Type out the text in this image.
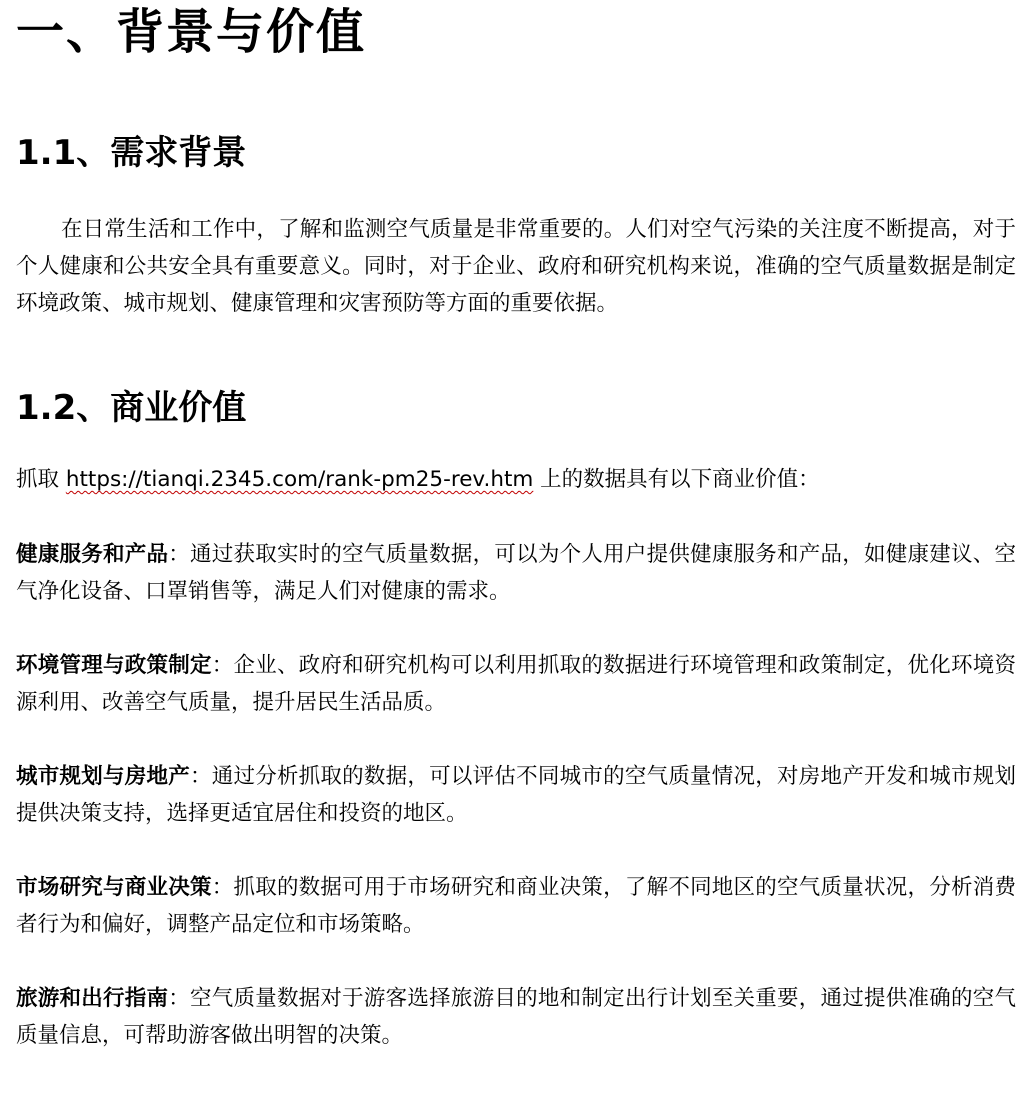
一、背景与价值
1.1、需求背景

在日常生活和工作中，了解和监测空气质量是非常重要的。人们对空气污染的关注度不断提高，对于个人健康和公共安全具有重要意义。同时，对于企业、政府和研究机构来说，准确的空气质量数据是制定环境政策、城市规划、健康管理和灾害预防等方面的重要依据。

1.2、商业价值

抓取 https://tianqi.2345.com/rank-pm25-rev.htm 上的数据具有以下商业价值：

健康服务和产品：通过获取实时的空气质量数据，可以为个人用户提供健康服务和产品，如健康建议、空气净化设备、口罩销售等，满足人们对健康的需求。

环境管理与政策制定：企业、政府和研究机构可以利用抓取的数据进行环境管理和政策制定，优化环境资源利用、改善空气质量，提升居民生活品质。

城市规划与房地产：通过分析抓取的数据，可以评估不同城市的空气质量情况，对房地产开发和城市规划提供决策支持，选择更适宜居住和投资的地区。

市场研究与商业决策：抓取的数据可用于市场研究和商业决策，了解不同地区的空气质量状况，分析消费者行为和偏好，调整产品定位和市场策略。

旅游和出行指南：空气质量数据对于游客选择旅游目的地和制定出行计划至关重要，通过提供准确的空气质量信息，可帮助游客做出明智的决策。
